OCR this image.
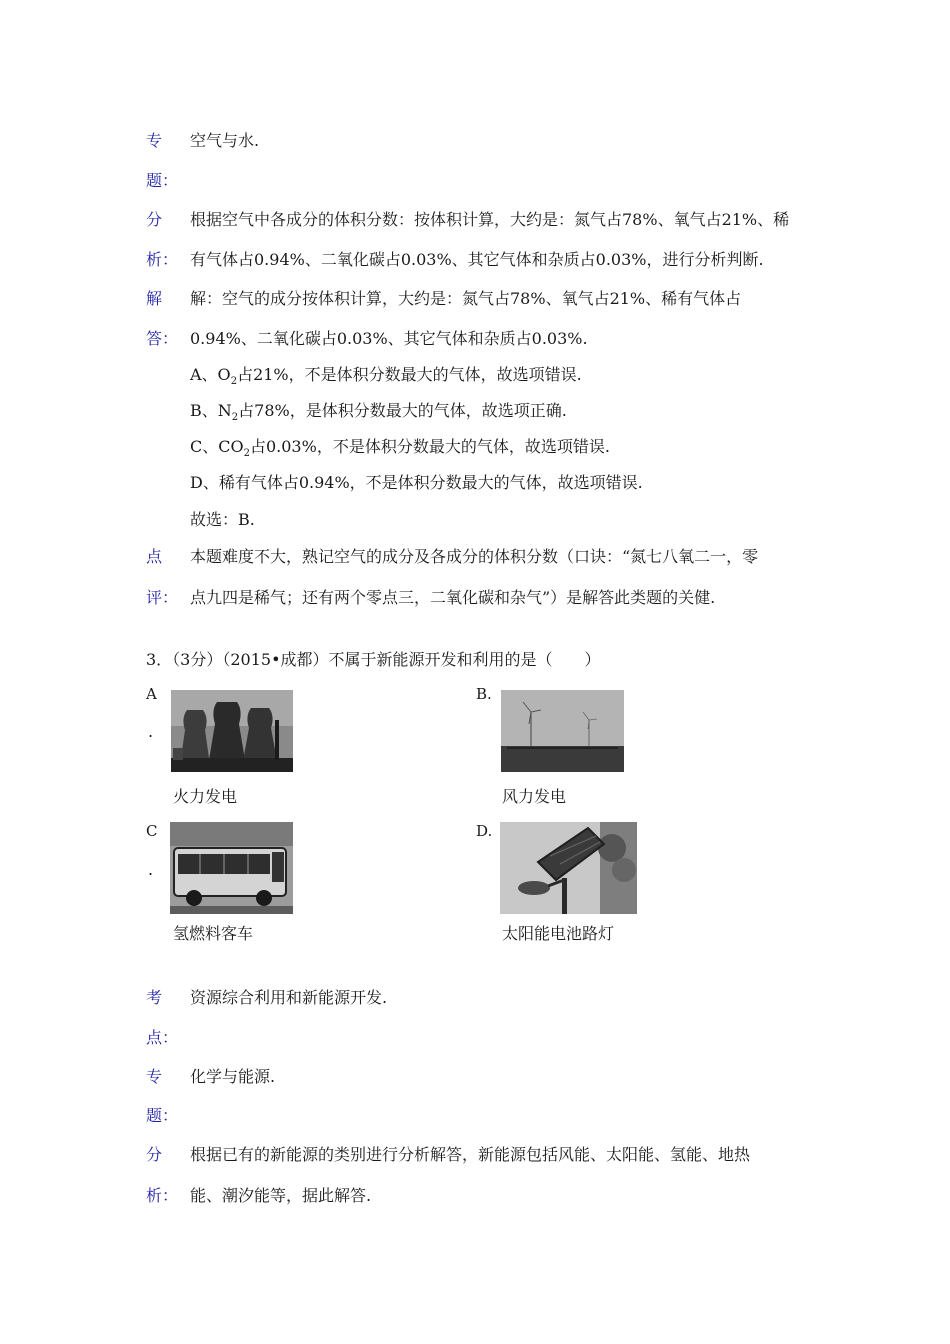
专 空气与水.
题：
分 根据空气中各成分的体积分数：按体积计算，大约是：氮气占78%、氧气占21%、稀
析： 有气体占0.94%、二氧化碳占0.03%、其它气体和杂质占0.03%，进行分析判断.
解 解：空气的成分按体积计算，大约是：氮气占78%、氧气占21%、稀有气体占
答： 0.94%、二氧化碳占0.03%、其它气体和杂质占0.03%.
A、$O_2$占21%，不是体积分数最大的气体，故选项错误.
B、$N_2$占78%，是体积分数最大的气体，故选项正确.
C、$CO_2$占0.03%，不是体积分数最大的气体，故选项错误.
D、稀有气体占0.94%，不是体积分数最大的气体，故选项错误.
故选：B.
点 本题难度不大，熟记空气的成分及各成分的体积分数（口诀：“氮七八氧二一，零
评： 点九四是稀气；还有两个零点三，二氧化碳和杂气”）是解答此类题的关健.
3．（3分）（2015•成都）不属于新能源开发和利用的是（　　）
A
.
火力发电
B.
风力发电
C
.
氢燃料客车
D.
太阳能电池路灯
考 资源综合利用和新能源开发.
点：
专 化学与能源.
题：
分 根据已有的新能源的类别进行分析解答，新能源包括风能、太阳能、氢能、地热
析： 能、潮汐能等，据此解答.
